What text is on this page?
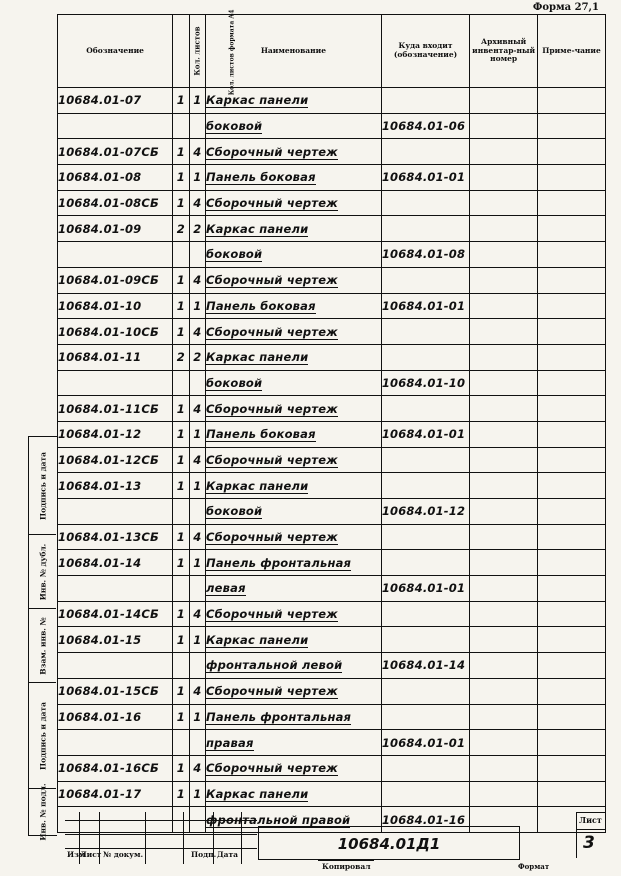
Форма 27,1
Обозначение	Кол. листов	Кол. листов формата А4	Наименование	Куда входит (обозначение)	Архивный инвентар-ный номер	Приме-чание
10684.01-07	1	1	Каркас панели			
			боковой	10684.01-06		
10684.01-07СБ	1	4	Сборочный чертеж			
10684.01-08	1	1	Панель боковая	10684.01-01		
10684.01-08СБ	1	4	Сборочный чертеж			
10684.01-09	2	2	Каркас панели			
			боковой	10684.01-08		
10684.01-09СБ	1	4	Сборочный чертеж			
10684.01-10	1	1	Панель боковая	10684.01-01		
10684.01-10СБ	1	4	Сборочный чертеж			
10684.01-11	2	2	Каркас панели			
			боковой	10684.01-10		
10684.01-11СБ	1	4	Сборочный чертеж			
10684.01-12	1	1	Панель боковая	10684.01-01		
10684.01-12СБ	1	4	Сборочный чертеж			
10684.01-13	1	1	Каркас панели			
			боковой	10684.01-12		
10684.01-13СБ	1	4	Сборочный чертеж			
10684.01-14	1	1	Панель фронтальная			
			левая	10684.01-01		
10684.01-14СБ	1	4	Сборочный чертеж			
10684.01-15	1	1	Каркас панели			
			фронтальной левой	10684.01-14		
10684.01-15СБ	1	4	Сборочный чертеж			
10684.01-16	1	1	Панель фронтальная			
			правая	10684.01-01		
10684.01-16СБ	1	4	Сборочный чертеж			
10684.01-17	1	1	Каркас панели			
			фронтальной правой	10684.01-16		
Подпись и дата
Инв. № дубл.
Взам. инв. №
Подпись и дата
Инв. № подл.
Изм
Лист № докум.	Подп. Дата
10684.01Д1
Лист
3
Копировал	Формат
